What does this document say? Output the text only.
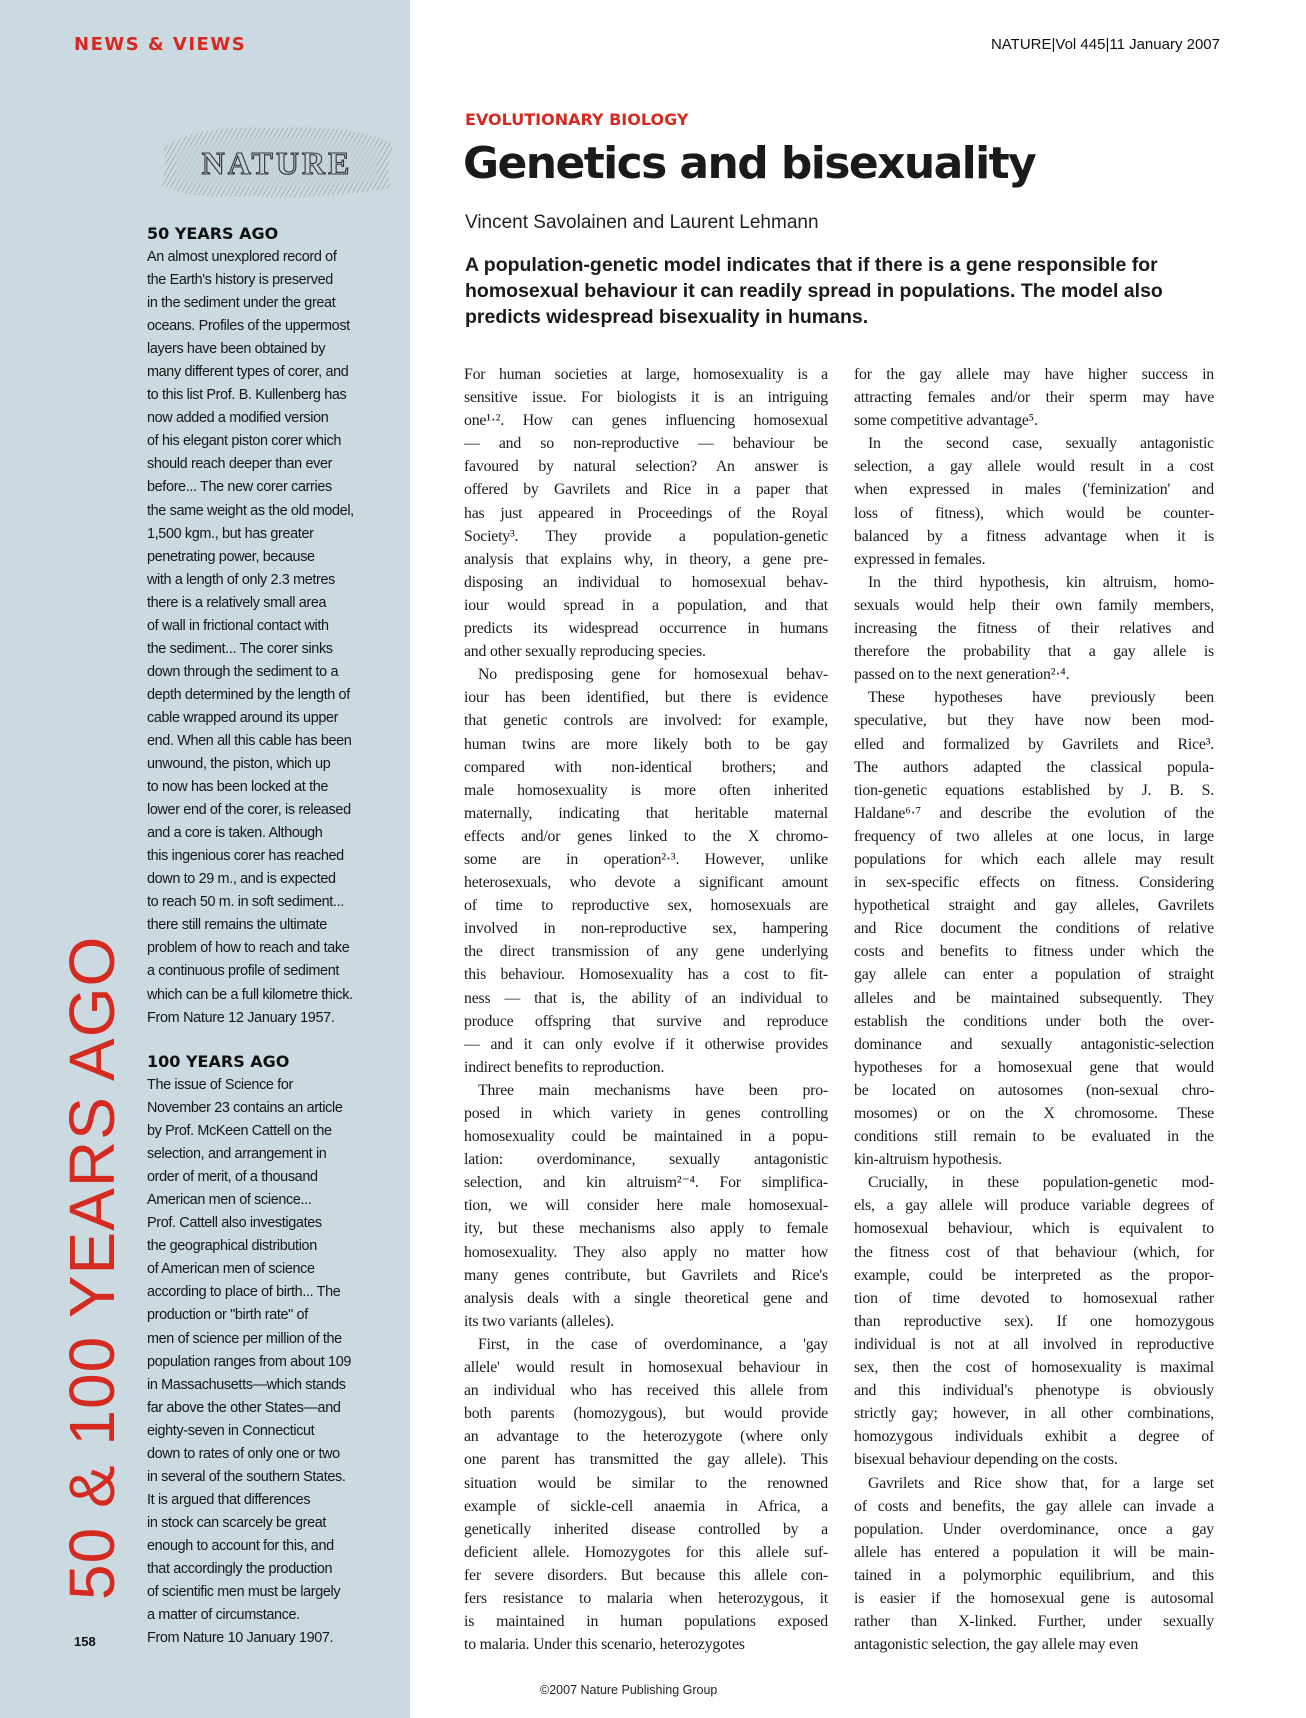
NEWS & VIEWS	NATURE|Vol 445|11 January 2007
NATURE
50 YEARS AGO
An almost unexplored record of
the Earth's history is preserved
in the sediment under the great
oceans. Profiles of the uppermost
layers have been obtained by
many different types of corer, and
to this list Prof. B. Kullenberg has
now added a modified version
of his elegant piston corer which
should reach deeper than ever
before... The new corer carries
the same weight as the old model,
1,500 kgm., but has greater
penetrating power, because
with a length of only 2.3 metres
there is a relatively small area
of wall in frictional contact with
the sediment... The corer sinks
down through the sediment to a
depth determined by the length of
cable wrapped around its upper
end. When all this cable has been
unwound, the piston, which up
to now has been locked at the
lower end of the corer, is released
and a core is taken. Although
this ingenious corer has reached
down to 29 m., and is expected
to reach 50 m. in soft sediment...
there still remains the ultimate
problem of how to reach and take
a continuous profile of sediment
which can be a full kilometre thick.
From Nature 12 January 1957.
100 YEARS AGO
The issue of Science for
November 23 contains an article
by Prof. McKeen Cattell on the
selection, and arrangement in
order of merit, of a thousand
American men of science...
Prof. Cattell also investigates
the geographical distribution
of American men of science
according to place of birth... The
production or "birth rate" of
men of science per million of the
population ranges from about 109
in Massachusetts—which stands
far above the other States—and
eighty-seven in Connecticut
down to rates of only one or two
in several of the southern States.
It is argued that differences
in stock can scarcely be great
enough to account for this, and
that accordingly the production
of scientific men must be largely
a matter of circumstance.
From Nature 10 January 1907.
50 & 100 YEARS AGO
158
EVOLUTIONARY BIOLOGY
Genetics and bisexuality
Vincent Savolainen and Laurent Lehmann
A population-genetic model indicates that if there is a gene responsible for homosexual behaviour it can readily spread in populations. The model also predicts widespread bisexuality in humans.
For human societies at large, homosexuality is a
sensitive issue. For biologists it is an intriguing
one¹·². How can genes influencing homosexual
— and so non-reproductive — behaviour be
favoured by natural selection? An answer is
offered by Gavrilets and Rice in a paper that
has just appeared in Proceedings of the Royal
Society³. They provide a population-genetic
analysis that explains why, in theory, a gene pre-
disposing an individual to homosexual behav-
iour would spread in a population, and that
predicts its widespread occurrence in humans
and other sexually reproducing species.
No predisposing gene for homosexual behav-
iour has been identified, but there is evidence
that genetic controls are involved: for example,
human twins are more likely both to be gay
compared with non-identical brothers; and
male homosexuality is more often inherited
maternally, indicating that heritable maternal
effects and/or genes linked to the X chromo-
some are in operation²·³. However, unlike
heterosexuals, who devote a significant amount
of time to reproductive sex, homosexuals are
involved in non-reproductive sex, hampering
the direct transmission of any gene underlying
this behaviour. Homosexuality has a cost to fit-
ness — that is, the ability of an individual to
produce offspring that survive and reproduce
— and it can only evolve if it otherwise provides
indirect benefits to reproduction.
Three main mechanisms have been pro-
posed in which variety in genes controlling
homosexuality could be maintained in a popu-
lation: overdominance, sexually antagonistic
selection, and kin altruism²⁻⁴. For simplifica-
tion, we will consider here male homosexual-
ity, but these mechanisms also apply to female
homosexuality. They also apply no matter how
many genes contribute, but Gavrilets and Rice's
analysis deals with a single theoretical gene and
its two variants (alleles).
First, in the case of overdominance, a 'gay
allele' would result in homosexual behaviour in
an individual who has received this allele from
both parents (homozygous), but would provide
an advantage to the heterozygote (where only
one parent has transmitted the gay allele). This
situation would be similar to the renowned
example of sickle-cell anaemia in Africa, a
genetically inherited disease controlled by a
deficient allele. Homozygotes for this allele suf-
fer severe disorders. But because this allele con-
fers resistance to malaria when heterozygous, it
is maintained in human populations exposed
to malaria. Under this scenario, heterozygotes
for the gay allele may have higher success in
attracting females and/or their sperm may have
some competitive advantage⁵.
In the second case, sexually antagonistic
selection, a gay allele would result in a cost
when expressed in males ('feminization' and
loss of fitness), which would be counter-
balanced by a fitness advantage when it is
expressed in females.
In the third hypothesis, kin altruism, homo-
sexuals would help their own family members,
increasing the fitness of their relatives and
therefore the probability that a gay allele is
passed on to the next generation²·⁴.
These hypotheses have previously been
speculative, but they have now been mod-
elled and formalized by Gavrilets and Rice³.
The authors adapted the classical popula-
tion-genetic equations established by J. B. S.
Haldane⁶·⁷ and describe the evolution of the
frequency of two alleles at one locus, in large
populations for which each allele may result
in sex-specific effects on fitness. Considering
hypothetical straight and gay alleles, Gavrilets
and Rice document the conditions of relative
costs and benefits to fitness under which the
gay allele can enter a population of straight
alleles and be maintained subsequently. They
establish the conditions under both the over-
dominance and sexually antagonistic-selection
hypotheses for a homosexual gene that would
be located on autosomes (non-sexual chro-
mosomes) or on the X chromosome. These
conditions still remain to be evaluated in the
kin-altruism hypothesis.
Crucially, in these population-genetic mod-
els, a gay allele will produce variable degrees of
homosexual behaviour, which is equivalent to
the fitness cost of that behaviour (which, for
example, could be interpreted as the propor-
tion of time devoted to homosexual rather
than reproductive sex). If one homozygous
individual is not at all involved in reproductive
sex, then the cost of homosexuality is maximal
and this individual's phenotype is obviously
strictly gay; however, in all other combinations,
homozygous individuals exhibit a degree of
bisexual behaviour depending on the costs.
Gavrilets and Rice show that, for a large set
of costs and benefits, the gay allele can invade a
population. Under overdominance, once a gay
allele has entered a population it will be main-
tained in a polymorphic equilibrium, and this
is easier if the homosexual gene is autosomal
rather than X-linked. Further, under sexually
antagonistic selection, the gay allele may even
©2007 Nature Publishing Group
